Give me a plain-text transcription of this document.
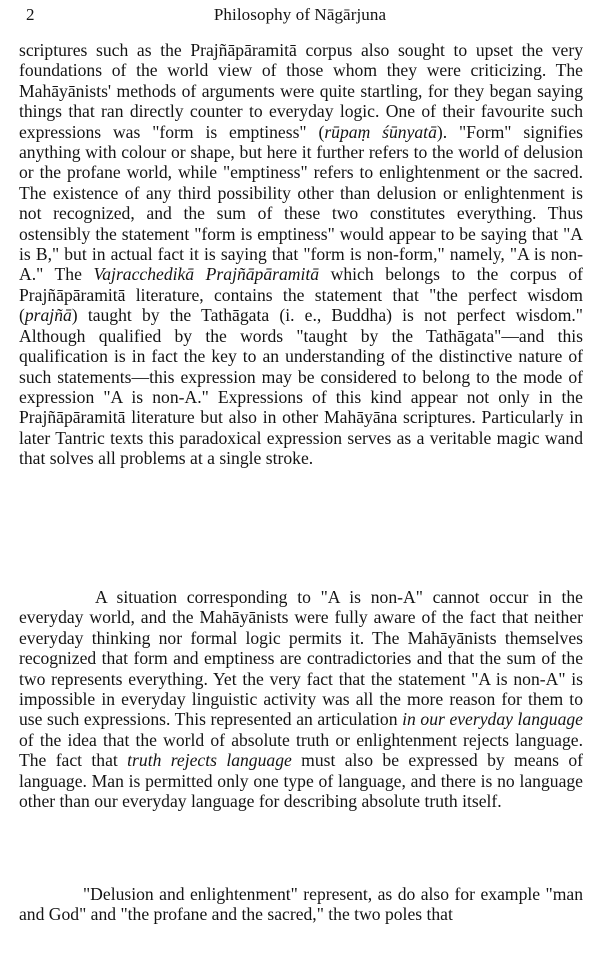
2	Philosophy of Nāgārjuna

scriptures such as the Prajñāpāramitā corpus also sought to upset the very foundations of the world view of those whom they were criticizing. The Mahāyānists' methods of arguments were quite startling, for they began saying things that ran directly counter to everyday logic. One of their favourite such expressions was "form is emptiness" (rūpaṃ śūnyatā). "Form" signifies anything with colour or shape, but here it further refers to the world of delusion or the profane world, while "emptiness" refers to enlightenment or the sacred. The existence of any third possibility other than delusion or enlightenment is not recognized, and the sum of these two constitutes everything. Thus ostensibly the statement "form is emptiness" would appear to be saying that "A is B," but in actual fact it is saying that "form is non-form," namely, "A is non-A." The Vajracchedikā Prajñāpāramitā which belongs to the corpus of Prajñāpāramitā literature, contains the statement that "the perfect wisdom (prajñā) taught by the Tathāgata (i. e., Buddha) is not perfect wisdom." Although qualified by the words "taught by the Tathāgata"—and this qualification is in fact the key to an understanding of the distinctive nature of such statements—this expression may be considered to belong to the mode of expression "A is non-A." Expressions of this kind appear not only in the Prajñāpāramitā literature but also in other Mahāyāna scriptures. Particularly in later Tantric texts this paradoxical expression serves as a veritable magic wand that solves all problems at a single stroke.

A situation corresponding to "A is non-A" cannot occur in the everyday world, and the Mahāyānists were fully aware of the fact that neither everyday thinking nor formal logic permits it. The Mahāyānists themselves recognized that form and emptiness are contradictories and that the sum of the two represents everything. Yet the very fact that the statement "A is non-A" is impossible in everyday linguistic activity was all the more reason for them to use such expressions. This represented an articulation in our everyday language of the idea that the world of absolute truth or enlightenment rejects language. The fact that truth rejects language must also be expressed by means of language. Man is permitted only one type of language, and there is no language other than our everyday language for describing absolute truth itself.

"Delusion and enlightenment" represent, as do also for example "man and God" and "the profane and the sacred," the two poles that
